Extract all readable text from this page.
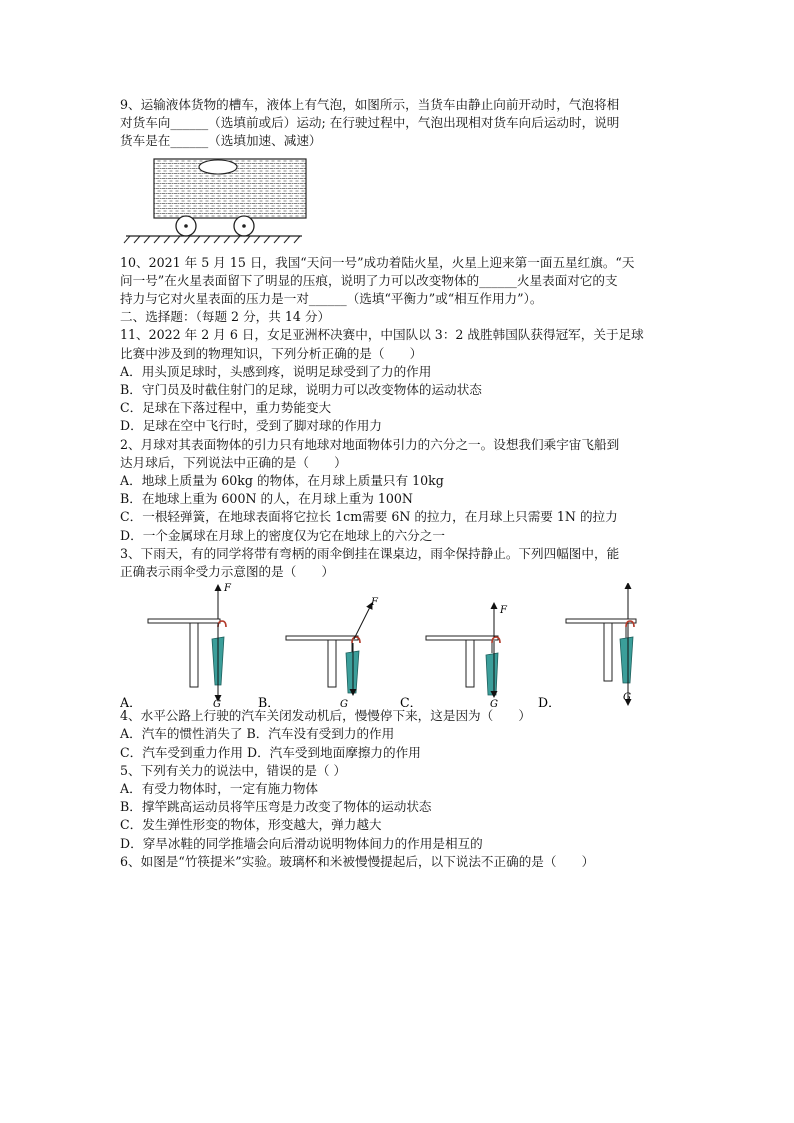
9、运输液体货物的槽车，液体上有气泡，如图所示，当货车由静止向前开动时，气泡将相
对货车向______（选填前或后）运动; 在行驶过程中，气泡出现相对货车向后运动时，说明
货车是在______（选填加速、减速）
10、2021 年 5 月 15 日，我国“天问一号”成功着陆火星，火星上迎来第一面五星红旗。“天
问一号”在火星表面留下了明显的压痕，说明了力可以改变物体的______火星表面对它的支
持力与它对火星表面的压力是一对______（选填“平衡力”或“相互作用力”）。
二、选择题：（每题 2 分，共 14 分）
11、2022 年 2 月 6 日，女足亚洲杯决赛中，中国队以 3：2 战胜韩国队获得冠军，关于足球
比赛中涉及到的物理知识，下列分析正确的是（　　）
A．用头顶足球时，头感到疼，说明足球受到了力的作用
B．守门员及时截住射门的足球，说明力可以改变物体的运动状态
C．足球在下落过程中，重力势能变大
D．足球在空中飞行时，受到了脚对球的作用力
2、月球对其表面物体的引力只有地球对地面物体引力的六分之一。设想我们乘宇宙飞船到
达月球后，下列说法中正确的是（　　）
A．地球上质量为 60kg 的物体，在月球上质量只有 10kg
B．在地球上重为 600N 的人，在月球上重为 100N
C．一根轻弹簧，在地球表面将它拉长 1cm需要 6N 的拉力，在月球上只需要 1N 的拉力
D．一个金属球在月球上的密度仅为它在地球上的六分之一
3、下雨天，有的同学将带有弯柄的雨伞倒挂在课桌边，雨伞保持静止。下列四幅图中，能
正确表示雨伞受力示意图的是（　　）
F
G
F
G
F
G
G
A．	B．	C．	D．
4、水平公路上行驶的汽车关闭发动机后，慢慢停下来，这是因为（　　）
A．汽车的惯性消失了 B．汽车没有受到力的作用
C．汽车受到重力作用 D．汽车受到地面摩擦力的作用
5、下列有关力的说法中，错误的是（ ）
A．有受力物体时，一定有施力物体
B．撑竿跳高运动员将竿压弯是力改变了物体的运动状态
C．发生弹性形变的物体，形变越大，弹力越大
D．穿旱冰鞋的同学推墙会向后滑动说明物体间力的作用是相互的
6、如图是“竹筷提米”实验。玻璃杯和米被慢慢提起后，以下说法不正确的是（　　）
